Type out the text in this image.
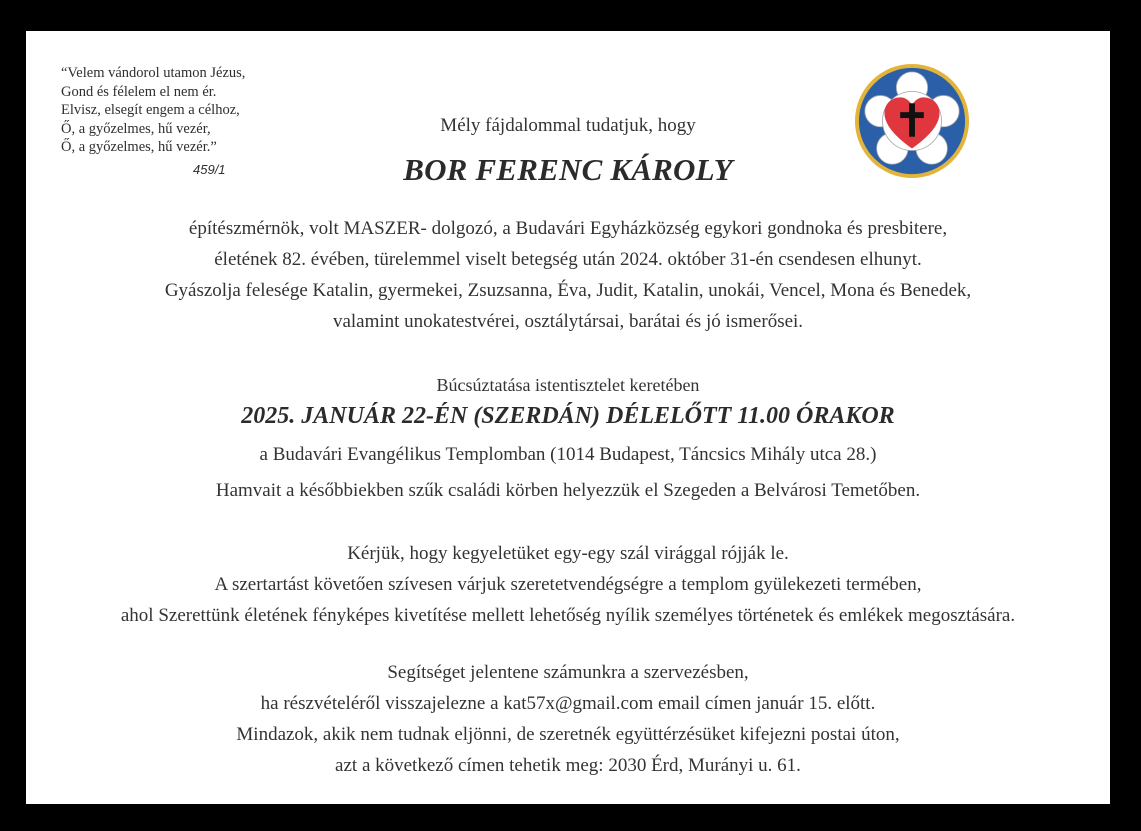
“Velem vándorol utamon Jézus,
Gond és félelem el nem ér.
Elvisz, elsegít engem a célhoz,
Ő, a győzelmes, hű vezér,
Ő, a győzelmes, hű vezér.”
459/1
Mély fájdalommal tudatjuk, hogy
BOR FERENC KÁROLY
építészmérnök, volt MASZER- dolgozó, a Budavári Egyházközség egykori gondnoka és presbitere,
életének 82. évében, türelemmel viselt betegség után 2024. október 31-én csendesen elhunyt.
Gyászolja felesége Katalin, gyermekei, Zsuzsanna, Éva, Judit, Katalin, unokái, Vencel, Mona és Benedek,
valamint unokatestvérei, osztálytársai, barátai és jó ismerősei.
Búcsúztatása istentisztelet keretében
2025. JANUÁR 22-ÉN (SZERDÁN) DÉLELŐTT 11.00 ÓRAKOR
a Budavári Evangélikus Templomban (1014 Budapest, Táncsics Mihály utca 28.)
Hamvait a későbbiekben szűk családi körben helyezzük el Szegeden a Belvárosi Temetőben.
Kérjük, hogy kegyeletüket egy-egy szál virággal rójják le.
A szertartást követően szívesen várjuk szeretetvendégségre a templom gyülekezeti termében,
ahol Szerettünk életének fényképes kivetítése mellett lehetőség nyílik személyes történetek és emlékek megosztására.
Segítséget jelentene számunkra a szervezésben,
ha részvételéről visszajelezne a kat57x@gmail.com email címen január 15. előtt.
Mindazok, akik nem tudnak eljönni, de szeretnék együttérzésüket kifejezni postai úton,
azt a következő címen tehetik meg: 2030 Érd, Murányi u. 61.
